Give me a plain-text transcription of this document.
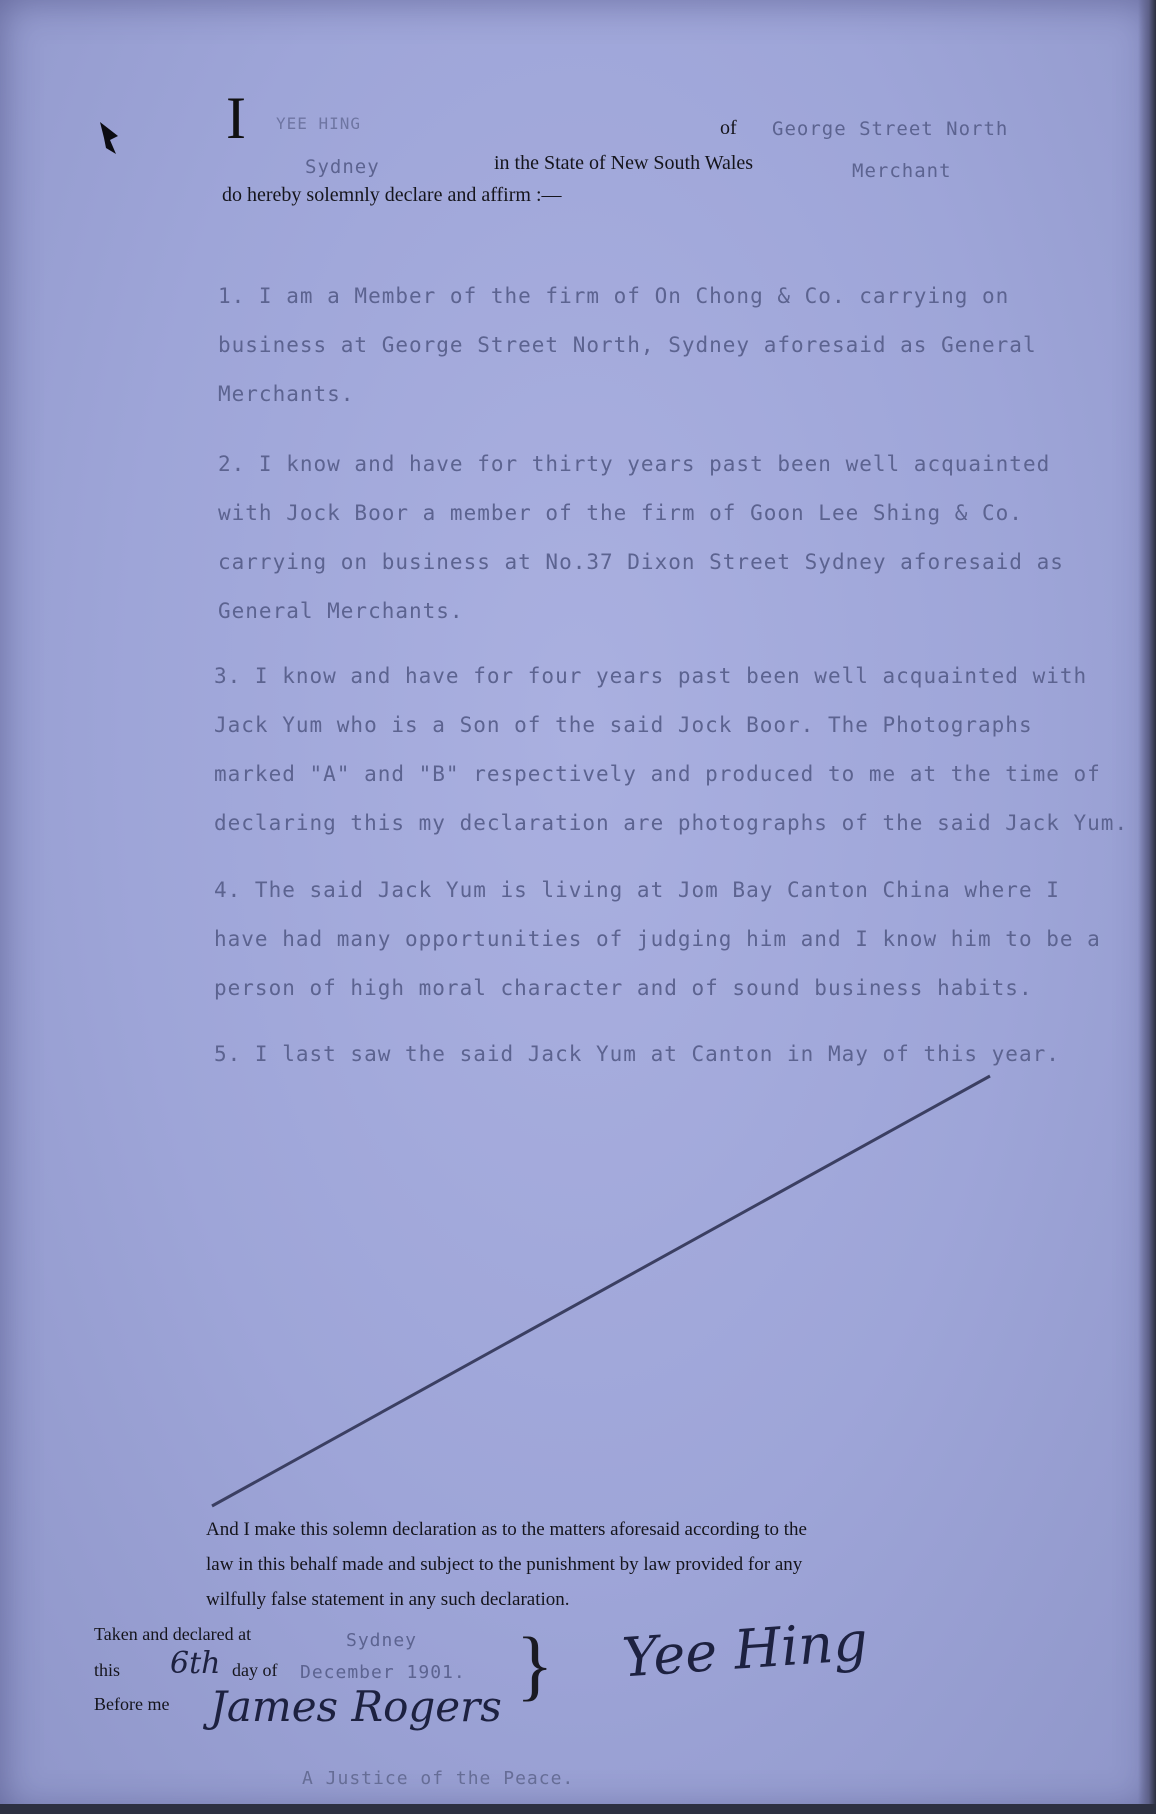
I YEE HING	of George Street North
Sydney	in the State of New South Wales	Merchant
do hereby solemnly declare and affirm :—
1. I am a Member of the firm of On Chong & Co. carrying on
business at George Street North, Sydney aforesaid as General
Merchants.
2. I know and have for thirty years past been well acquainted
with Jock Boor a member of the firm of Goon Lee Shing & Co.
carrying on business at No.37 Dixon Street Sydney aforesaid as
General Merchants.
3. I know and have for four years past been well acquainted with
Jack Yum who is a Son of the said Jock Boor. The Photographs
marked "A" and "B" respectively and produced to me at the time of
declaring this my declaration are photographs of the said Jack Yum.
4. The said Jack Yum is living at Jom Bay Canton China where I
have had many opportunities of judging him and I know him to be a
person of high moral character and of sound business habits.
5. I last saw the said Jack Yum at Canton in May of this year.
And I make this solemn declaration as to the matters aforesaid according to the
law in this behalf made and subject to the punishment by law provided for any
wilfully false statement in any such declaration.
Taken and declared at	Sydney
this 6th day of December 1901.
Before me James Rogers }
A Justice of the Peace.
Yee Hing
